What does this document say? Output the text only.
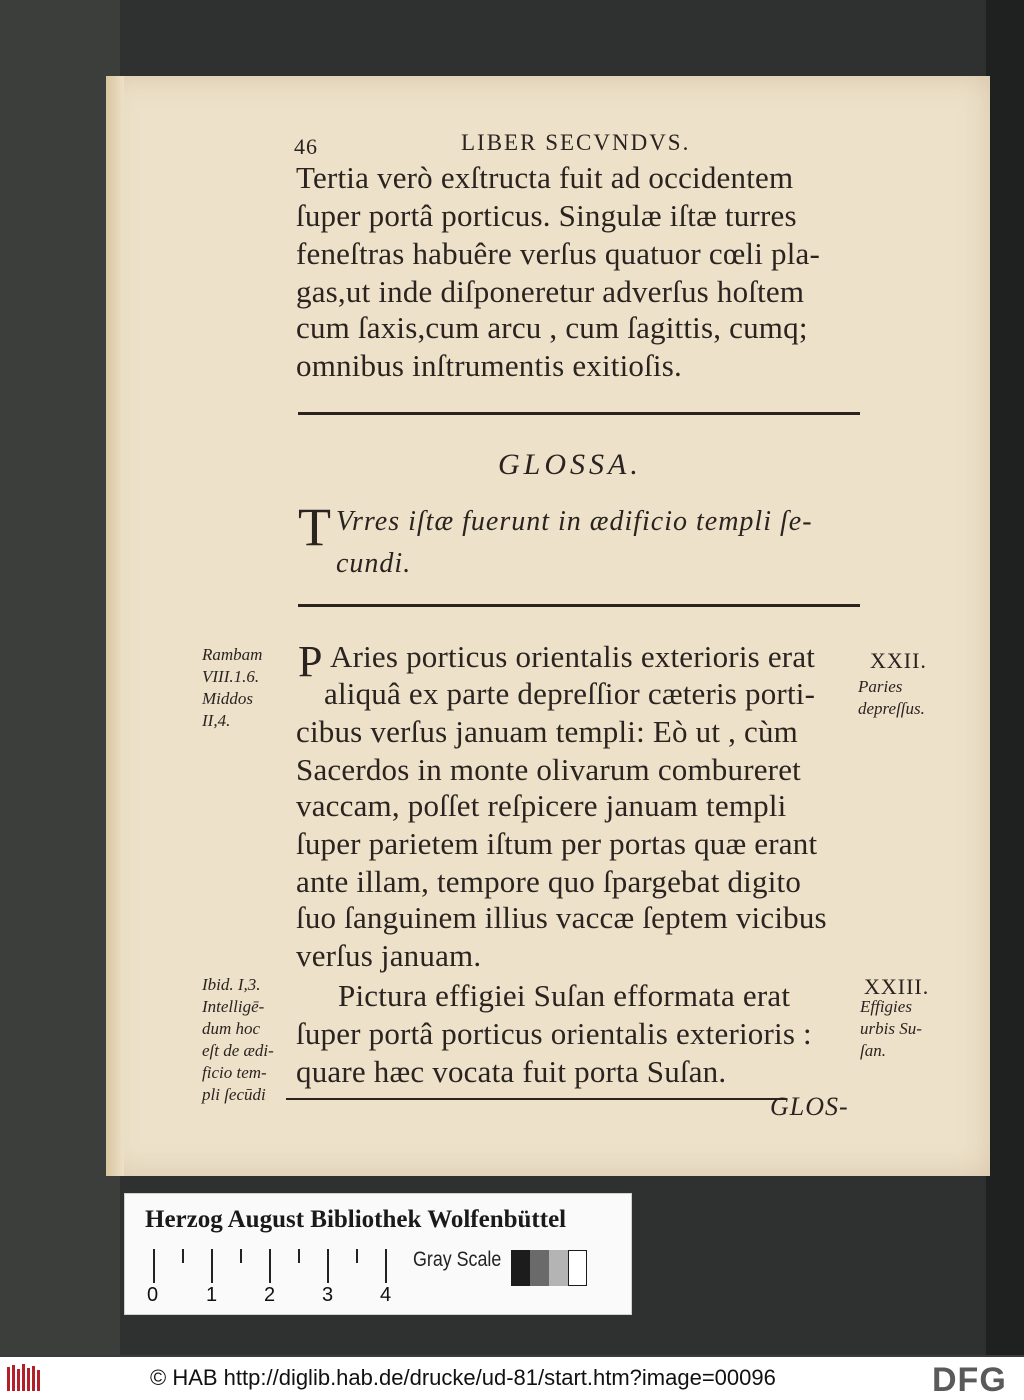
46	LIBER SECVNDVS.
Tertia verò exſtructa fuit ad occidentem
ſuper portâ porticus. Singulæ iſtæ turres
feneſtras habuêre verſus quatuor cœli pla-
gas,ut inde diſponeretur adverſus hoſtem
cum ſaxis,cum arcu , cum ſagittis, cumq;
omnibus inſtrumentis exitioſis.
GLOSSA.
T Vrres iſtæ fuerunt in ædificio templi ſe-
cundi.
Rambam
VIII.1.6.
Middos
II,4.
P Aries porticus orientalis exterioris erat XXII.
aliquâ ex parte depreſſior cæteris porti-
cibus verſus januam templi: Eò ut , cùm
Sacerdos in monte olivarum combureret
vaccam, poſſet reſpicere januam templi
ſuper parietem iſtum per portas quæ erant
ante illam, tempore quo ſpargebat digito
ſuo ſanguinem illius vaccæ ſeptem vicibus
verſus januam.
Paries
depreſſus.
Ibid. I,3.
Intelligē-
dum hoc
eſt de ædi-
ficio tem-
pli ſecūdi
Pictura effigiei Suſan efformata erat	XXIII.
ſuper portâ porticus orientalis exterioris :
quare hæc vocata fuit porta Suſan.
Effigies
urbis Su-
ſan.
GLOS-
Herzog August Bibliothek Wolfenbüttel
0 1 2 3 4
Gray Scale
© HAB http://diglib.hab.de/drucke/ud-81/start.htm?image=00096	DFG
